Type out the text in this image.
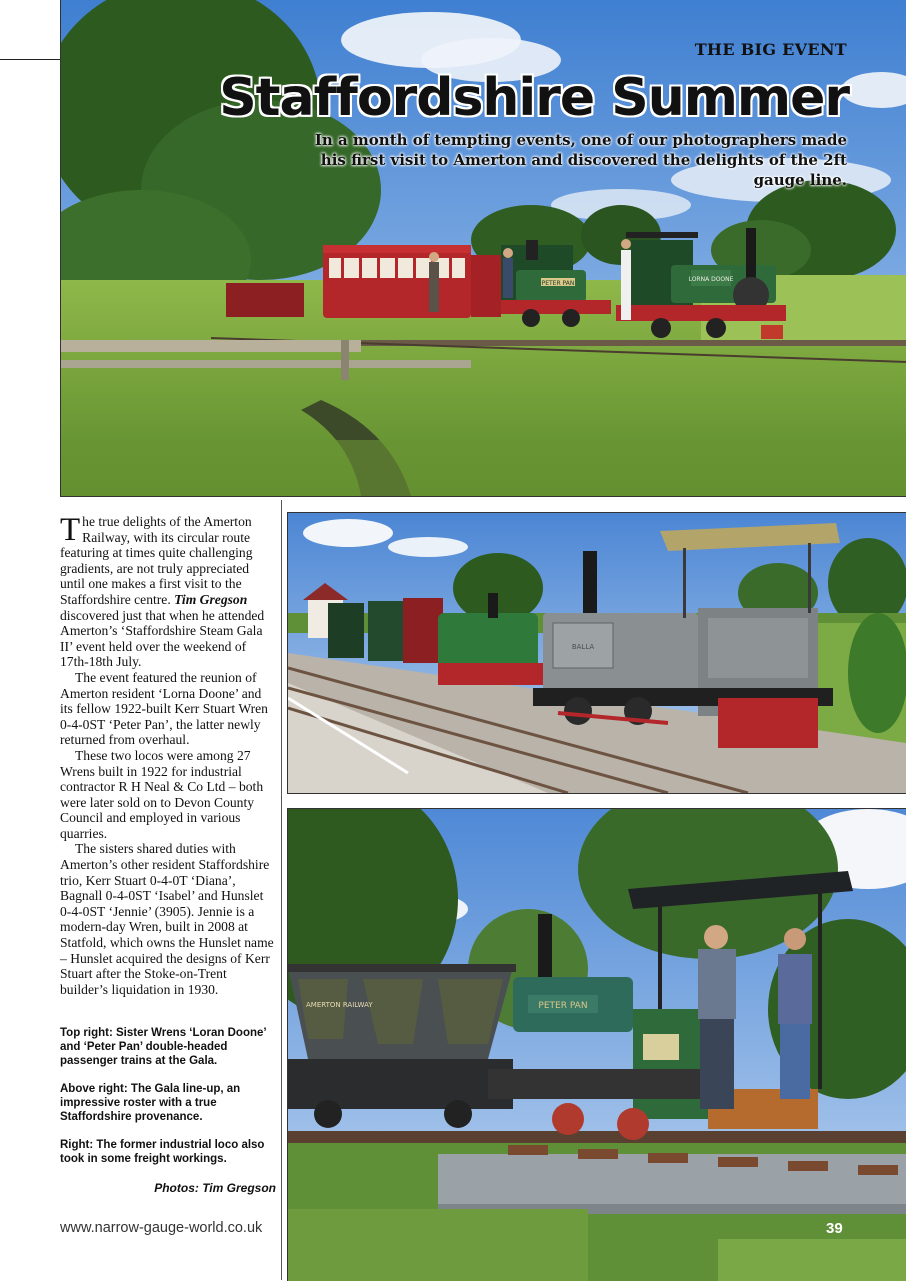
PETER PAN
LORNA DOONE
THE BIG EVENT
Staffordshire Summer
In a month of tempting events, one of our photographers made his first visit to Amerton and discovered the delights of the 2ft gauge line.

The true delights of the Amerton Railway, with its circular route featuring at times quite challenging gradients, are not truly appreciated until one makes a first visit to the Staffordshire centre. Tim Gregson discovered just that when he attended Amerton’s ‘Staffordshire Steam Gala II’ event held over the weekend of 17th-18th July.

The event featured the reunion of Amerton resident ‘Lorna Doone’ and its fellow 1922-built Kerr Stuart Wren 0-4-0ST ‘Peter Pan’, the latter newly returned from overhaul.

These two locos were among 27 Wrens built in 1922 for industrial contractor R H Neal & Co Ltd – both were later sold on to Devon County Council and employed in various quarries.

The sisters shared duties with Amerton’s other resident Staffordshire trio, Kerr Stuart 0-4-0T ‘Diana’, Bagnall 0-4-0ST ‘Isabel’ and Hunslet 0-4-0ST ‘Jennie’ (3905). Jennie is a modern-day Wren, built in 2008 at Statfold, which owns the Hunslet name – Hunslet acquired the designs of Kerr Stuart after the Stoke-on-Trent builder’s liquidation in 1930.

Top right: Sister Wrens ‘Loran Doone’ and ‘Peter Pan’ double-headed passenger trains at the Gala.

Above right: The Gala line-up, an impressive roster with a true Staffordshire provenance.

Right: The former industrial loco also took in some freight workings.

Photos: Tim Gregson
BALLA
AMERTON RAILWAY	PETER PAN
www.narrow-gauge-world.co.uk	39
